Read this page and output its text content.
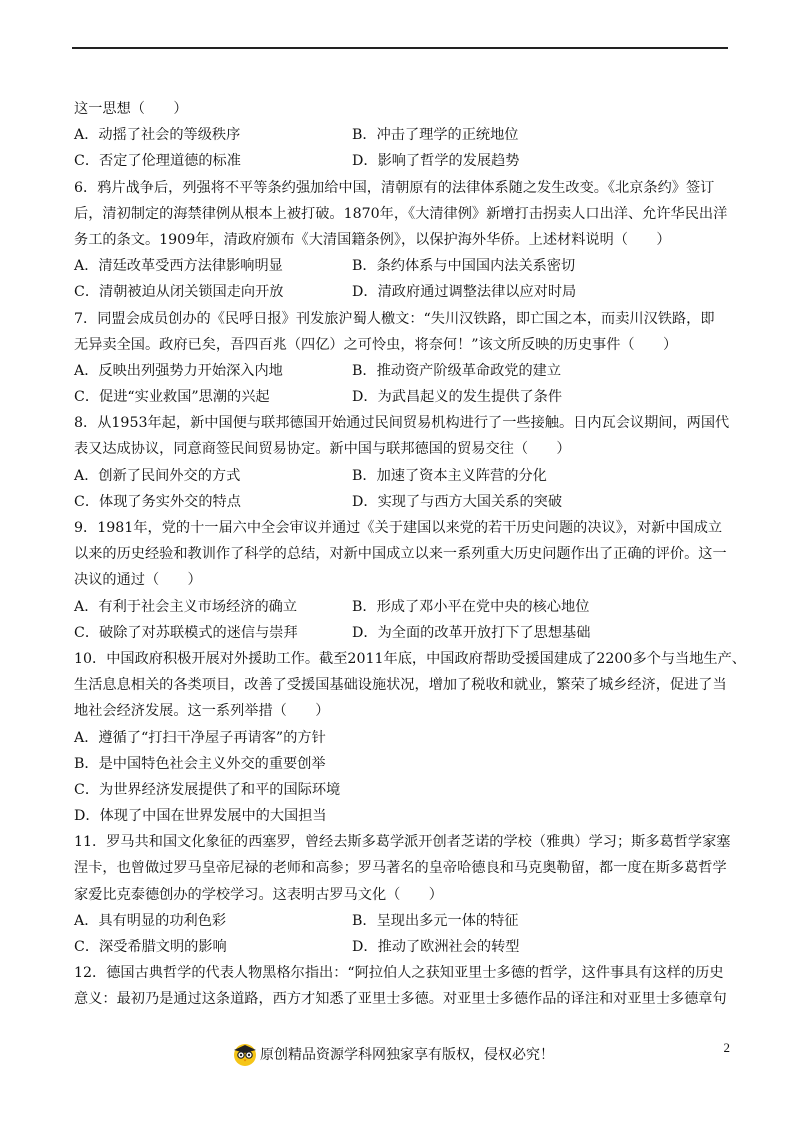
这一思想（　　）
A．动摇了社会的等级秩序	B．冲击了理学的正统地位
C．否定了伦理道德的标准	D．影响了哲学的发展趋势
6．鸦片战争后，列强将不平等条约强加给中国，清朝原有的法律体系随之发生改变。《北京条约》签订
后，清初制定的海禁律例从根本上被打破。1870年，《大清律例》新增打击拐卖人口出洋、允许华民出洋
务工的条文。1909年，清政府颁布《大清国籍条例》，以保护海外华侨。上述材料说明（　　）
A．清廷改革受西方法律影响明显	B．条约体系与中国国内法关系密切
C．清朝被迫从闭关锁国走向开放	D．清政府通过调整法律以应对时局
7．同盟会成员创办的《民呼日报》刊发旅沪蜀人檄文：“失川汉铁路，即亡国之本，而卖川汉铁路，即
无异卖全国。政府已矣，吾四百兆（四亿）之可怜虫，将奈何！”该文所反映的历史事件（　　）
A．反映出列强势力开始深入内地	B．推动资产阶级革命政党的建立
C．促进“实业救国”思潮的兴起	D．为武昌起义的发生提供了条件
8．从1953年起，新中国便与联邦德国开始通过民间贸易机构进行了一些接触。日内瓦会议期间，两国代
表又达成协议，同意商签民间贸易协定。新中国与联邦德国的贸易交往（　　）
A．创新了民间外交的方式	B．加速了资本主义阵营的分化
C．体现了务实外交的特点	D．实现了与西方大国关系的突破
9．1981年，党的十一届六中全会审议并通过《关于建国以来党的若干历史问题的决议》，对新中国成立
以来的历史经验和教训作了科学的总结，对新中国成立以来一系列重大历史问题作出了正确的评价。这一
决议的通过（　　）
A．有利于社会主义市场经济的确立	B．形成了邓小平在党中央的核心地位
C．破除了对苏联模式的迷信与崇拜	D．为全面的改革开放打下了思想基础
10．中国政府积极开展对外援助工作。截至2011年底，中国政府帮助受援国建成了2200多个与当地生产、
生活息息相关的各类项目，改善了受援国基础设施状况，增加了税收和就业，繁荣了城乡经济，促进了当
地社会经济发展。这一系列举措（　　）
A．遵循了“打扫干净屋子再请客”的方针
B．是中国特色社会主义外交的重要创举
C．为世界经济发展提供了和平的国际环境
D．体现了中国在世界发展中的大国担当
11．罗马共和国文化象征的西塞罗，曾经去斯多葛学派开创者芝诺的学校（雅典）学习；斯多葛哲学家塞
涅卡，也曾做过罗马皇帝尼禄的老师和高参；罗马著名的皇帝哈德良和马克奥勒留，都一度在斯多葛哲学
家爱比克泰德创办的学校学习。这表明古罗马文化（　　）
A．具有明显的功利色彩	B．呈现出多元一体的特征
C．深受希腊文明的影响	D．推动了欧洲社会的转型
12．德国古典哲学的代表人物黑格尔指出：“阿拉伯人之获知亚里士多德的哲学，这件事具有这样的历史
意义：最初乃是通过这条道路，西方才知悉了亚里士多德。对亚里士多德作品的译注和对亚里士多德章句
2
原创精品资源学科网独家享有版权，侵权必究！
